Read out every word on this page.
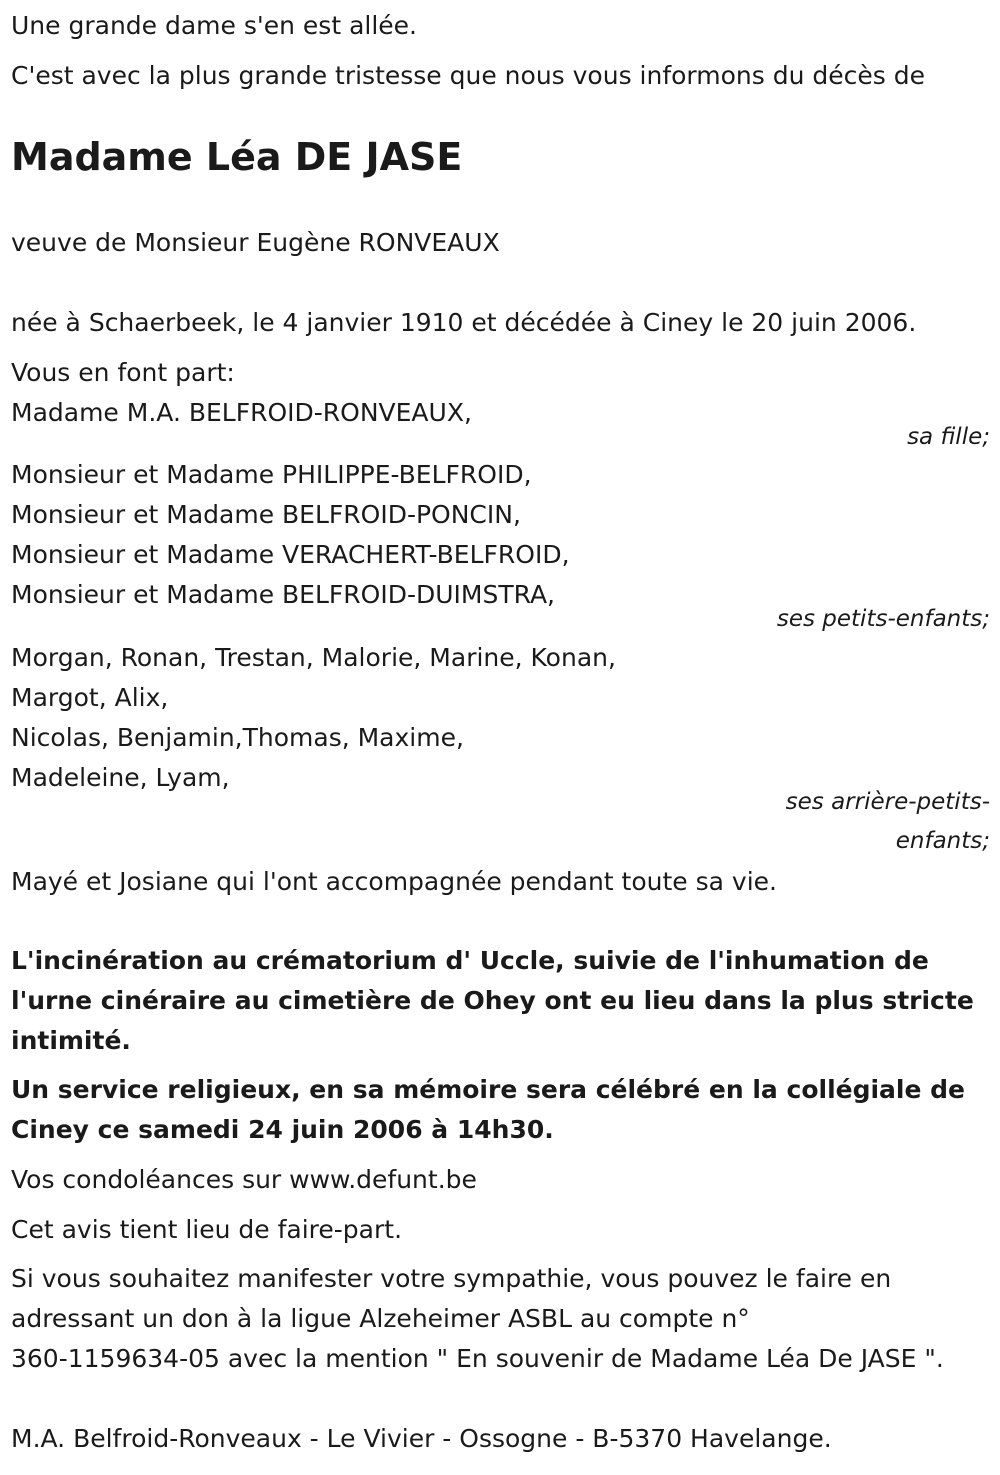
Une grande dame s'en est allée.
C'est avec la plus grande tristesse que nous vous informons du décès de
Madame Léa DE JASE
veuve de Monsieur Eugène RONVEAUX
née à Schaerbeek, le 4 janvier 1910 et décédée à Ciney le 20 juin 2006.
Vous en font part:
Madame M.A. BELFROID-RONVEAUX,
sa fille;
Monsieur et Madame PHILIPPE-BELFROID,
Monsieur et Madame BELFROID-PONCIN,
Monsieur et Madame VERACHERT-BELFROID,
Monsieur et Madame BELFROID-DUIMSTRA,
ses petits-enfants;
Morgan, Ronan, Trestan, Malorie, Marine, Konan,
Margot, Alix,
Nicolas, Benjamin,Thomas, Maxime,
Madeleine, Lyam,
ses arrière-petits-
enfants;
Mayé et Josiane qui l'ont accompagnée pendant toute sa vie.
L'incinération au crématorium d' Uccle, suivie de l'inhumation de
l'urne cinéraire au cimetière de Ohey ont eu lieu dans la plus stricte
intimité.
Un service religieux, en sa mémoire sera célébré en la collégiale de
Ciney ce samedi 24 juin 2006 à 14h30.
Vos condoléances sur www.defunt.be
Cet avis tient lieu de faire-part.
Si vous souhaitez manifester votre sympathie, vous pouvez le faire en
adressant un don à la ligue Alzeheimer ASBL au compte n°
360-1159634-05 avec la mention " En souvenir de Madame Léa De JASE ".
M.A. Belfroid-Ronveaux - Le Vivier - Ossogne - B-5370 Havelange.
